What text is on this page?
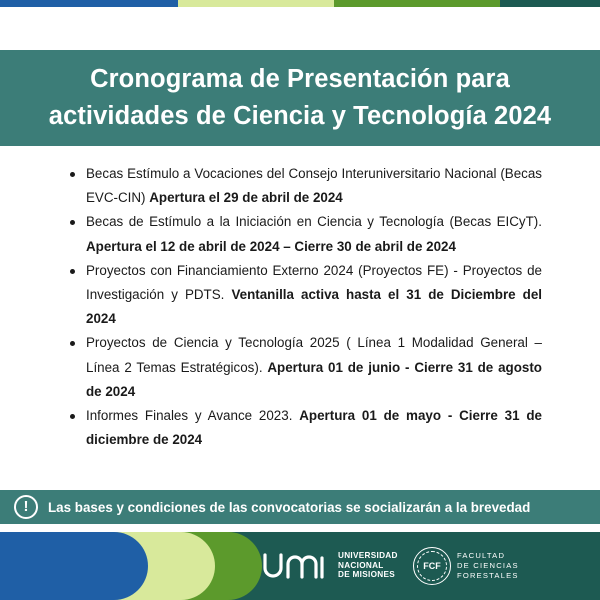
Cronograma de Presentación para
actividades de Ciencia y Tecnología 2024
Becas Estímulo a Vocaciones del Consejo Interuniversitario Nacional (Becas EVC-CIN) Apertura el 29 de abril de 2024
Becas de Estímulo a la Iniciación en Ciencia y Tecnología (Becas EICyT). Apertura el 12 de abril de 2024 – Cierre 30 de abril de 2024
Proyectos con Financiamiento Externo 2024 (Proyectos FE) - Proyectos de Investigación y PDTS. Ventanilla activa hasta el 31 de Diciembre del 2024
Proyectos de Ciencia y Tecnología 2025 ( Línea 1 Modalidad General – Línea 2 Temas Estratégicos). Apertura 01 de junio - Cierre 31 de agosto de 2024
Informes Finales y Avance 2023. Apertura 01 de mayo - Cierre 31 de diciembre de 2024
!	Las bases y condiciones de las convocatorias se socializarán a la brevedad
UNIVERSIDAD
NACIONAL
DE MISIONES
FCF
FACULTAD
DE CIENCIAS
FORESTALES
